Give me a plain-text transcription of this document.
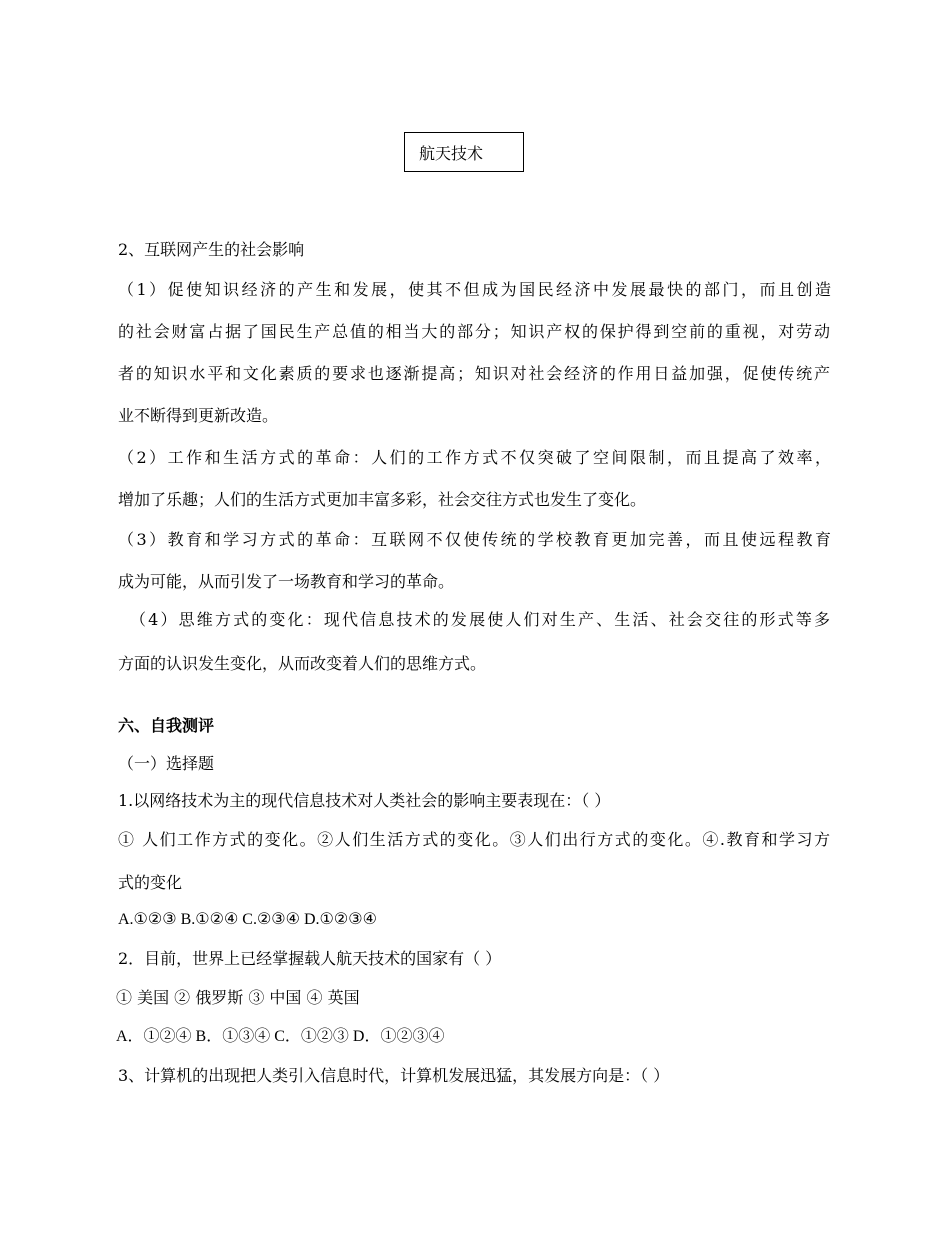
航天技术

2、互联网产生的社会影响

（1）促使知识经济的产生和发展，使其不但成为国民经济中发展最快的部门，而且创造

的社会财富占据了国民生产总值的相当大的部分；知识产权的保护得到空前的重视，对劳动

者的知识水平和文化素质的要求也逐渐提高；知识对社会经济的作用日益加强，促使传统产

业不断得到更新改造。

（2）工作和生活方式的革命：人们的工作方式不仅突破了空间限制，而且提高了效率，

增加了乐趣；人们的生活方式更加丰富多彩，社会交往方式也发生了变化。

（3）教育和学习方式的革命：互联网不仅使传统的学校教育更加完善，而且使远程教育

成为可能，从而引发了一场教育和学习的革命。

（4）思维方式的变化：现代信息技术的发展使人们对生产、生活、社会交往的形式等多

方面的认识发生变化，从而改变着人们的思维方式。

六、自我测评

（一）选择题

1.以网络技术为主的现代信息技术对人类社会的影响主要表现在：（ ）

① 人们工作方式的变化。②人们生活方式的变化。③人们出行方式的变化。④.教育和学习方

式的变化

A.①②③ B.①②④ C.②③④ D.①②③④

2．目前，世界上已经掌握载人航天技术的国家有（ ）

① 美国 ② 俄罗斯 ③ 中国 ④ 英国

A．①②④ B．①③④ C．①②③ D．①②③④

3、计算机的出现把人类引入信息时代，计算机发展迅猛，其发展方向是：（ ）
